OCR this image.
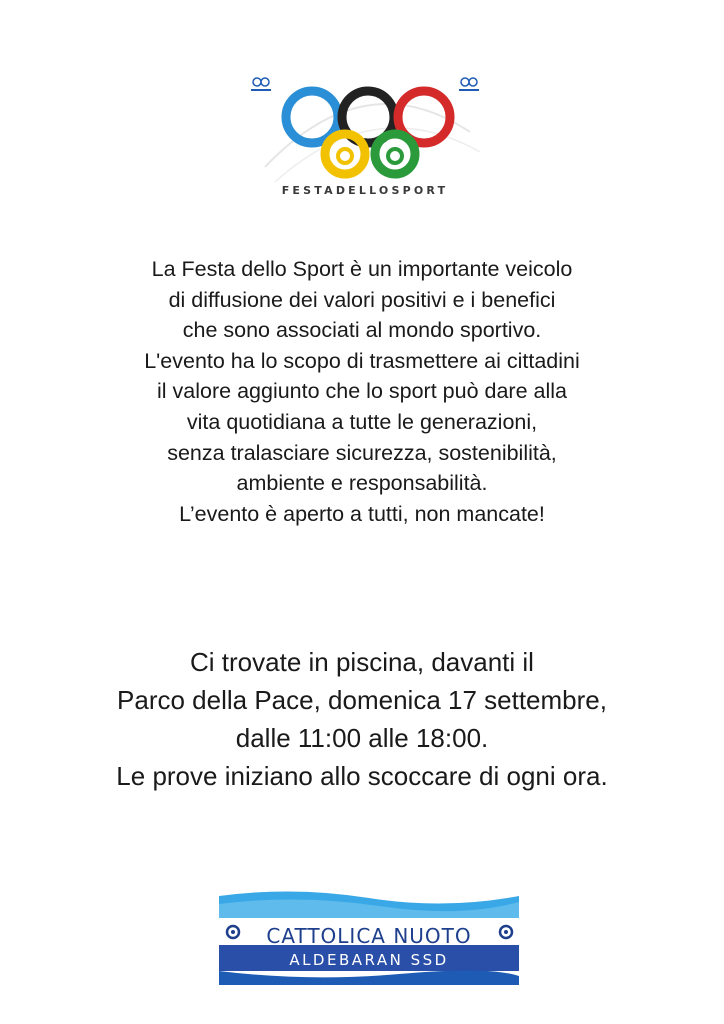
FESTADELLOSPORT

La Festa dello Sport è un importante veicolo

di diffusione dei valori positivi e i benefici

che sono associati al mondo sportivo.

L'evento ha lo scopo di trasmettere ai cittadini

il valore aggiunto che lo sport può dare alla

vita quotidiana a tutte le generazioni,

senza tralasciare sicurezza, sostenibilità,

ambiente e responsabilità.

L’evento è aperto a tutti, non mancate!

Ci trovate in piscina, davanti il

Parco della Pace, domenica 17 settembre,

dalle 11:00 alle 18:00.

Le prove iniziano allo scoccare di ogni ora.

CATTOLICA NUOTO
ALDEBARAN SSD
